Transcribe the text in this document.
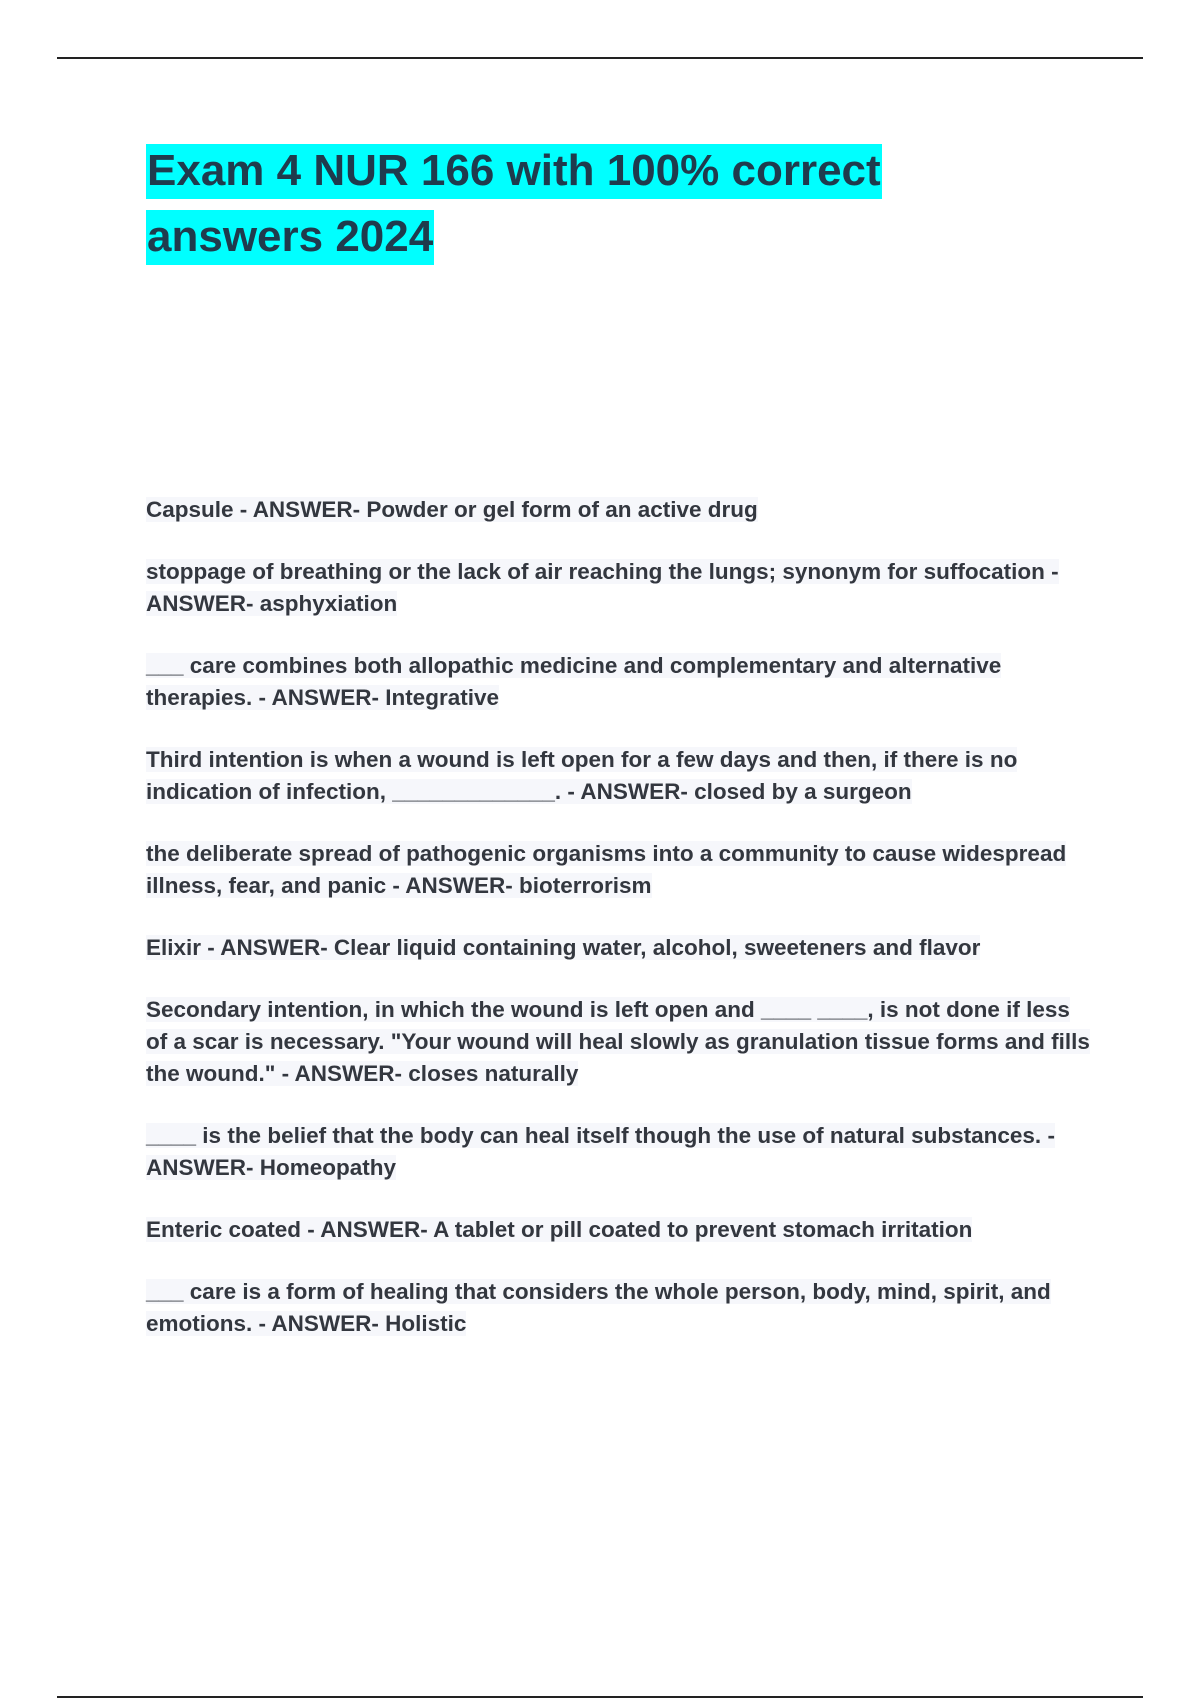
Exam 4 NUR 166 with 100% correct
answers 2024
Capsule - ANSWER- Powder or gel form of an active drug
stoppage of breathing or the lack of air reaching the lungs; synonym for suffocation - ANSWER- asphyxiation
___ care combines both allopathic medicine and complementary and alternative therapies. - ANSWER- Integrative
Third intention is when a wound is left open for a few days and then, if there is no indication of infection, _____________. - ANSWER- closed by a surgeon
the deliberate spread of pathogenic organisms into a community to cause widespread illness, fear, and panic - ANSWER- bioterrorism
Elixir - ANSWER- Clear liquid containing water, alcohol, sweeteners and flavor
Secondary intention, in which the wound is left open and ____ ____, is not done if less of a scar is necessary. "Your wound will heal slowly as granulation tissue forms and fills the wound." - ANSWER- closes naturally
____ is the belief that the body can heal itself though the use of natural substances. - ANSWER- Homeopathy
Enteric coated - ANSWER- A tablet or pill coated to prevent stomach irritation
___ care is a form of healing that considers the whole person, body, mind, spirit, and emotions. - ANSWER- Holistic
